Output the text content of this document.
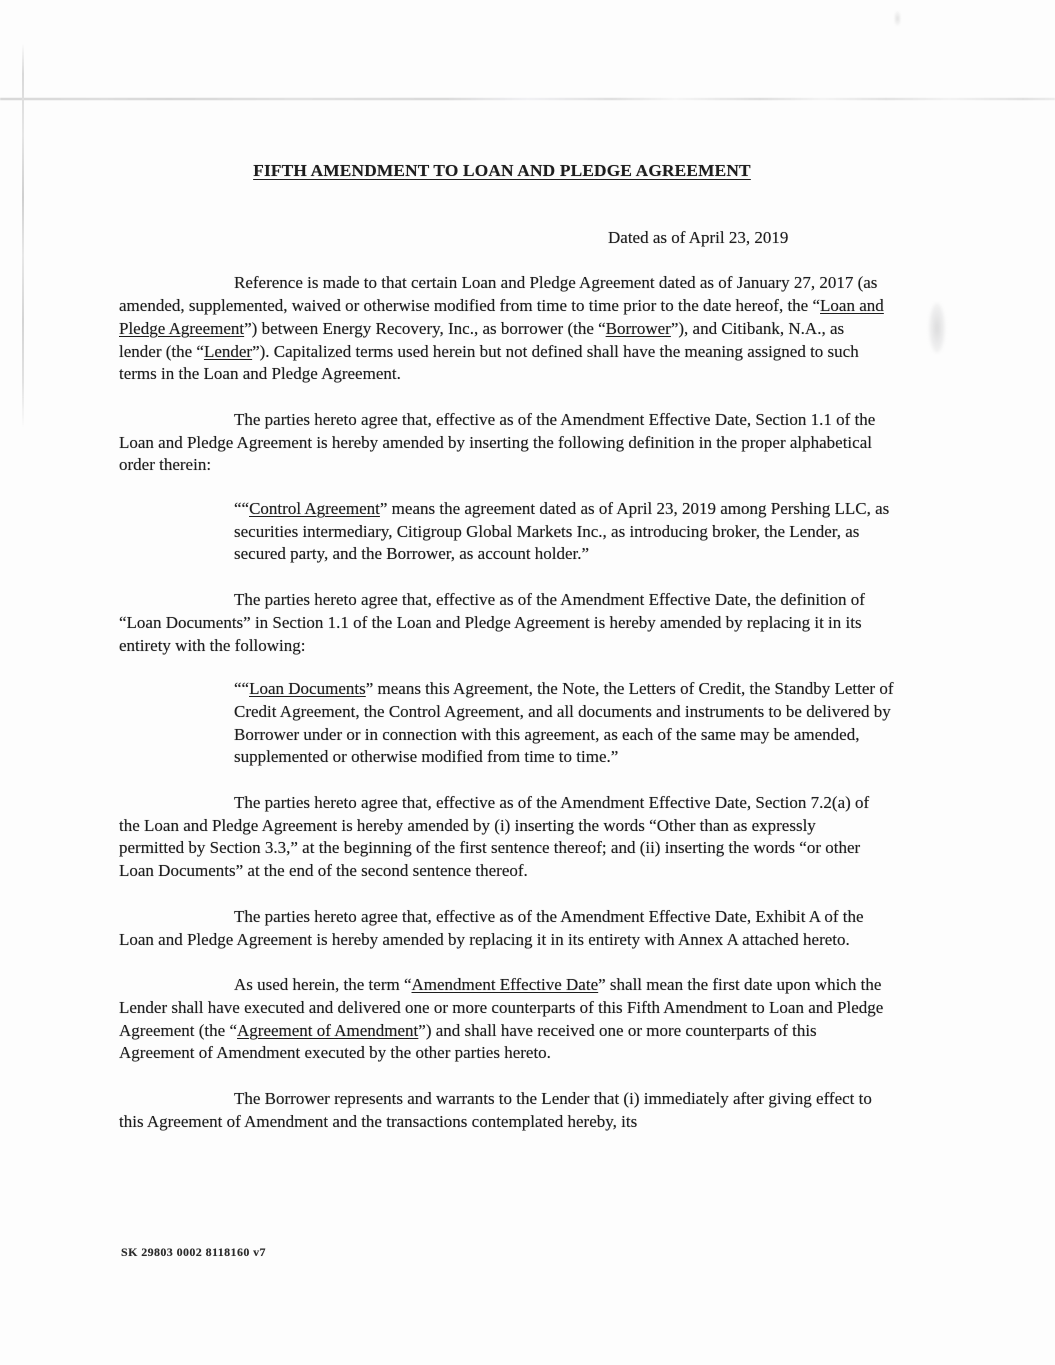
FIFTH AMENDMENT TO LOAN AND PLEDGE AGREEMENT

Dated as of April 23, 2019

Reference is made to that certain Loan and Pledge Agreement dated as of January 27, 2017 (as amended, supplemented, waived or otherwise modified from time to time prior to the date hereof, the “Loan and Pledge Agreement”) between Energy Recovery, Inc., as borrower (the “Borrower”), and Citibank, N.A., as lender (the “Lender”). Capitalized terms used herein but not defined shall have the meaning assigned to such terms in the Loan and Pledge Agreement.

The parties hereto agree that, effective as of the Amendment Effective Date, Section 1.1 of the Loan and Pledge Agreement is hereby amended by inserting the following definition in the proper alphabetical order therein:

““Control Agreement” means the agreement dated as of April 23, 2019 among Pershing LLC, as securities intermediary, Citigroup Global Markets Inc., as introducing broker, the Lender, as secured party, and the Borrower, as account holder.”

The parties hereto agree that, effective as of the Amendment Effective Date, the definition of “Loan Documents” in Section 1.1 of the Loan and Pledge Agreement is hereby amended by replacing it in its entirety with the following:

““Loan Documents” means this Agreement, the Note, the Letters of Credit, the Standby Letter of Credit Agreement, the Control Agreement, and all documents and instruments to be delivered by Borrower under or in connection with this agreement, as each of the same may be amended, supplemented or otherwise modified from time to time.”

The parties hereto agree that, effective as of the Amendment Effective Date, Section 7.2(a) of the Loan and Pledge Agreement is hereby amended by (i) inserting the words “Other than as expressly permitted by Section 3.3,” at the beginning of the first sentence thereof; and (ii) inserting the words “or other Loan Documents” at the end of the second sentence thereof.

The parties hereto agree that, effective as of the Amendment Effective Date, Exhibit A of the Loan and Pledge Agreement is hereby amended by replacing it in its entirety with Annex A attached hereto.

As used herein, the term “Amendment Effective Date” shall mean the first date upon which the Lender shall have executed and delivered one or more counterparts of this Fifth Amendment to Loan and Pledge Agreement (the “Agreement of Amendment”) and shall have received one or more counterparts of this Agreement of Amendment executed by the other parties hereto.

The Borrower represents and warrants to the Lender that (i) immediately after giving effect to this Agreement of Amendment and the transactions contemplated hereby, its

SK 29803 0002 8118160 v7
